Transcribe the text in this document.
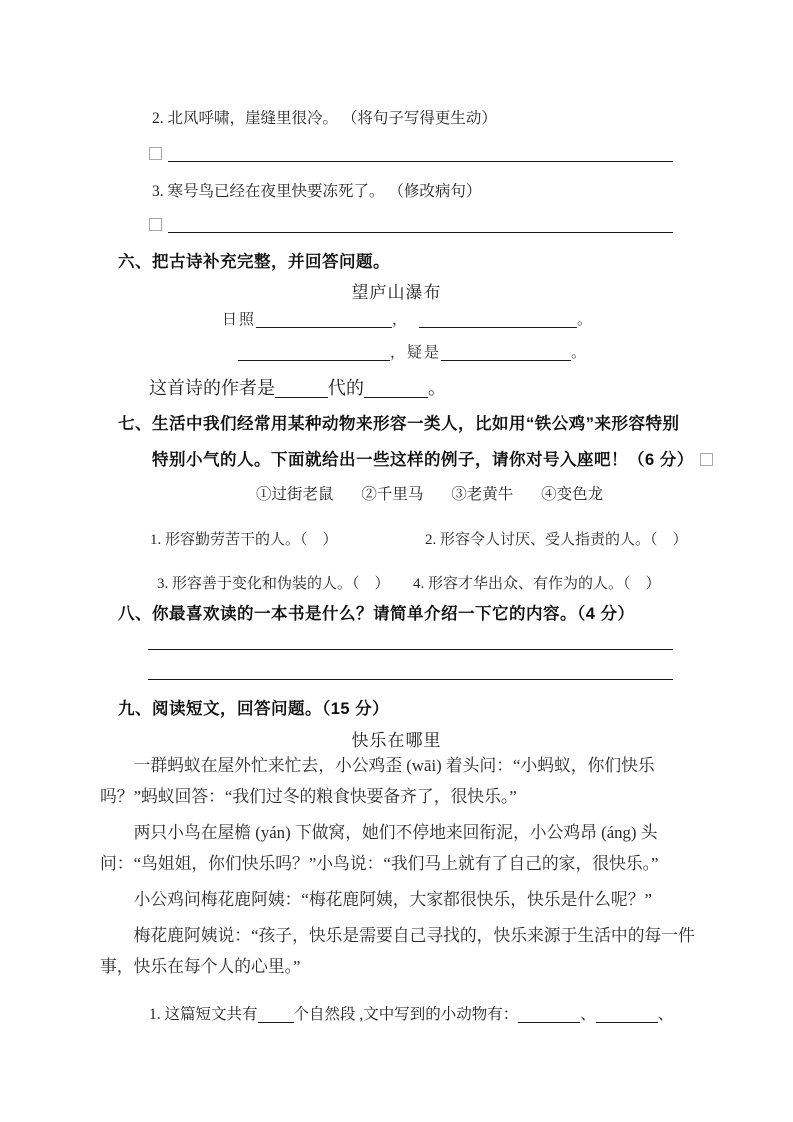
2. 北风呼啸，崖缝里很冷。 （将句子写得更生动）
3. 寒号鸟已经在夜里快要冻死了。 （修改病句）
六、把古诗补充完整，并回答问题。
望庐山瀑布
日照	，	。
，疑是	。
这首诗的作者是	代的	。
七、生活中我们经常用某种动物来形容一类人，比如用“铁公鸡”来形容特别
特别小气的人。下面就给出一些这样的例子，请你对号入座吧！（6 分）
①过街老鼠 ②千里马 ③老黄牛 ④变色龙
1. 形容勤劳苦干的人。（　）	2. 形容令人讨厌、受人指责的人。（　）
3. 形容善于变化和伪装的人。（　） 4. 形容才华出众、有作为的人。（　）
八、你最喜欢读的一本书是什么？请简单介绍一下它的内容。（4 分）
九、阅读短文，回答问题。（15 分）
快乐在哪里

一群蚂蚁在屋外忙来忙去，小公鸡歪 (wāi) 着头问：“小蚂蚁，你们快乐吗？”蚂蚁回答：“我们过冬的粮食快要备齐了，很快乐。”

两只小鸟在屋檐 (yán) 下做窝，她们不停地来回衔泥，小公鸡昂 (áng) 头问：“鸟姐姐，你们快乐吗？”小鸟说：“我们马上就有了自己的家，很快乐。”

小公鸡问梅花鹿阿姨：“梅花鹿阿姨，大家都很快乐，快乐是什么呢？”

梅花鹿阿姨说：“孩子，快乐是需要自己寻找的，快乐来源于生活中的每一件事，快乐在每个人的心里。”

1. 这篇短文共有 个自然段 ,文中写到的小动物有：	、	、
